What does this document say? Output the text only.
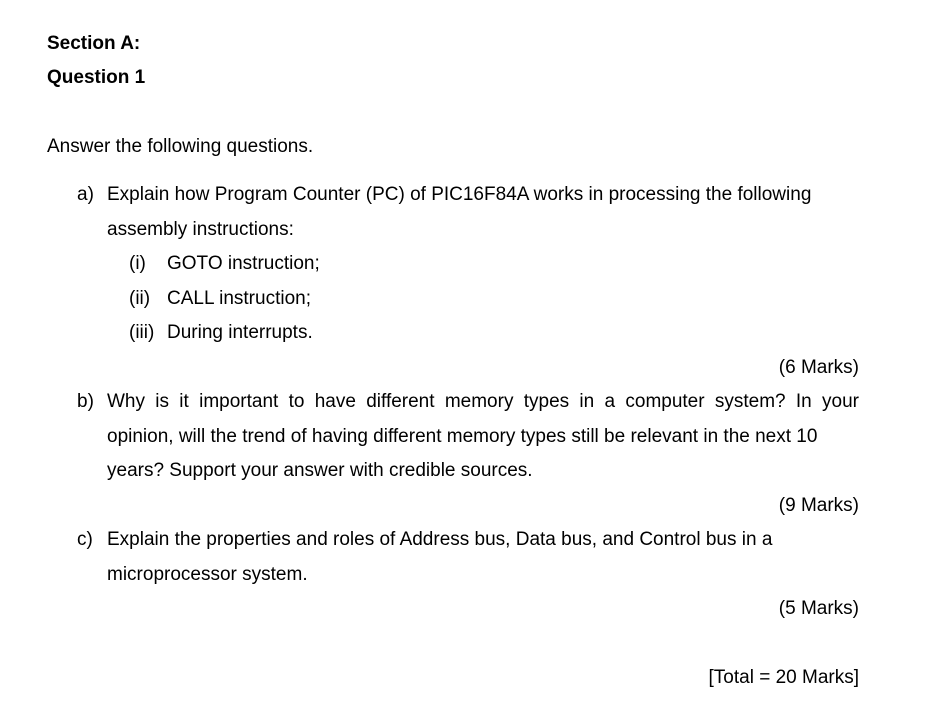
Section A:
Question 1
Answer the following questions.
a) Explain how Program Counter (PC) of PIC16F84A works in processing the following
assembly instructions:
(i) GOTO instruction;
(ii) CALL instruction;
(iii) During interrupts.
(6 Marks)
b) Why is it important to have different memory types in a computer system? In your
opinion, will the trend of having different memory types still be relevant in the next 10
years? Support your answer with credible sources.
(9 Marks)
c) Explain the properties and roles of Address bus, Data bus, and Control bus in a
microprocessor system.
(5 Marks)
[Total = 20 Marks]
